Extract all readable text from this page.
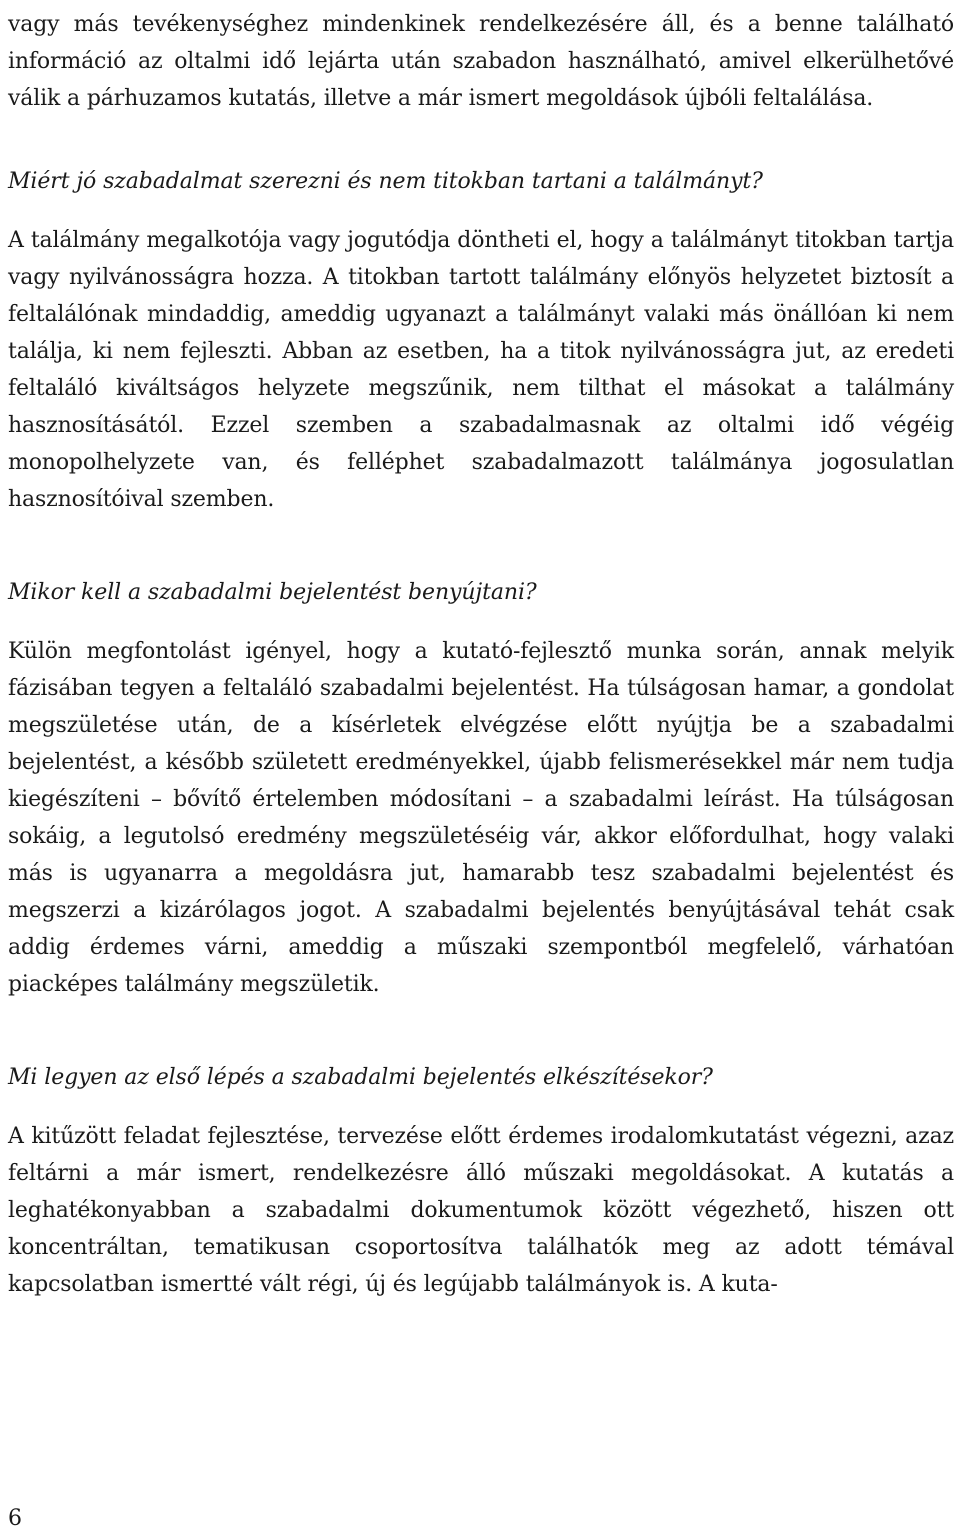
vagy más tevékenységhez mindenkinek rendelkezésére áll, és a benne található információ az oltalmi idő lejárta után szabadon használható, amivel elkerülhetővé válik a párhuzamos kutatás, illetve a már ismert megoldások újbóli feltalálása.

Miért jó szabadalmat szerezni és nem titokban tartani a találmányt?

A találmány megalkotója vagy jogutódja döntheti el, hogy a találmányt titokban tartja vagy nyilvánosságra hozza. A titokban tartott találmány előnyös helyzetet biztosít a feltalálónak mindaddig, ameddig ugyanazt a találmányt valaki más önállóan ki nem találja, ki nem fejleszti. Abban az esetben, ha a titok nyilvánosságra jut, az eredeti feltaláló kiváltságos helyzete megszűnik, nem tilthat el másokat a találmány hasznosításától. Ezzel szemben a szabadalmasnak az oltalmi idő végéig monopolhelyzete van, és felléphet szabadalmazott találmánya jogosulatlan hasznosítóival szemben.

Mikor kell a szabadalmi bejelentést benyújtani?

Külön megfontolást igényel, hogy a kutató-fejlesztő munka során, annak melyik fázisában tegyen a feltaláló szabadalmi bejelentést. Ha túlságosan hamar, a gondolat megszületése után, de a kísérletek elvégzése előtt nyújtja be a szabadalmi bejelentést, a később született eredményekkel, újabb felismerésekkel már nem tudja kiegészíteni – bővítő értelemben módosítani – a szabadalmi leírást. Ha túlságosan sokáig, a legutolsó eredmény megszületéséig vár, akkor előfordulhat, hogy valaki más is ugyanarra a megoldásra jut, hamarabb tesz szabadalmi bejelentést és megszerzi a kizárólagos jogot. A szabadalmi bejelentés benyújtásával tehát csak addig érdemes várni, ameddig a műszaki szempontból megfelelő, várhatóan piacképes találmány megszületik.

Mi legyen az első lépés a szabadalmi bejelentés elkészítésekor?

A kitűzött feladat fejlesztése, tervezése előtt érdemes irodalomkutatást végezni, azaz feltárni a már ismert, rendelkezésre álló műszaki megoldásokat. A kutatás a leghatékonyabban a szabadalmi dokumentumok között végezhető, hiszen ott koncentráltan, tematikusan csoportosítva találhatók meg az adott témával kapcsolatban ismertté vált régi, új és legújabb találmányok is. A kuta-

6
